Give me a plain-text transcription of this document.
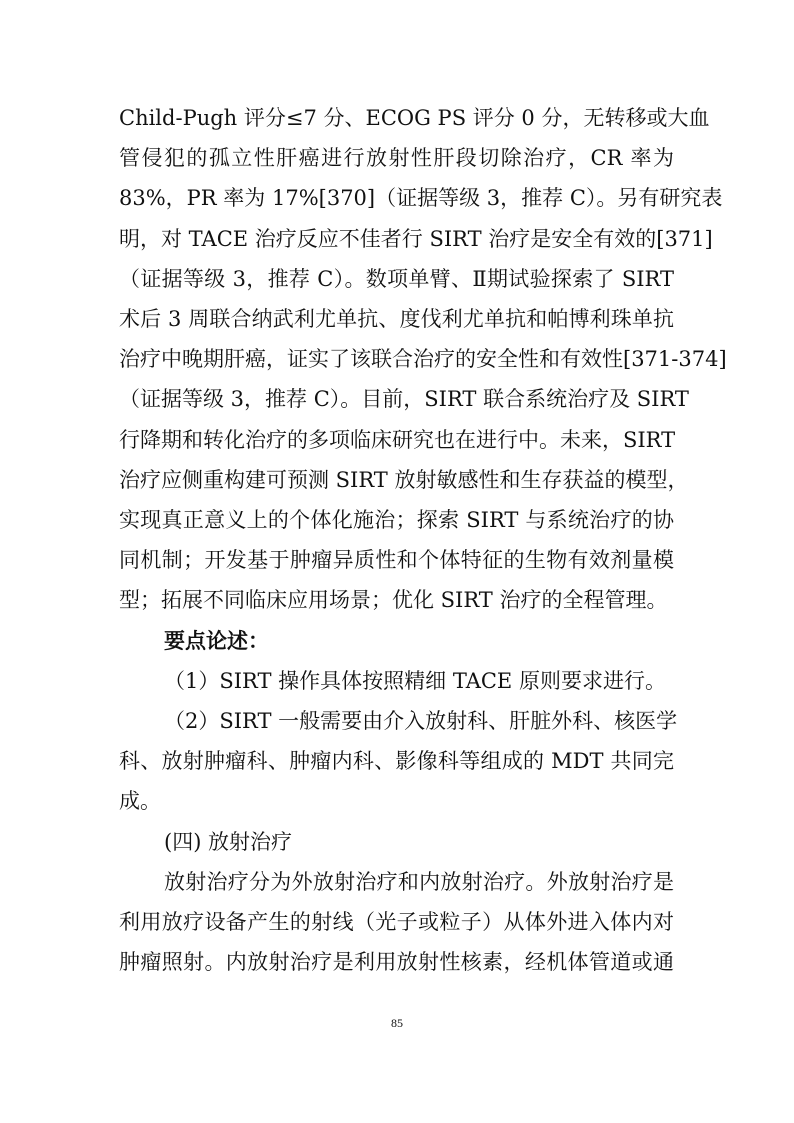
Child-Pugh 评分≤7 分、ECOG PS 评分 0 分，无转移或大血
管侵犯的孤立性肝癌进行放射性肝段切除治疗，CR 率为
83%，PR 率为 17%[370]（证据等级 3，推荐 C）。另有研究表
明，对 TACE 治疗反应不佳者行 SIRT 治疗是安全有效的[371]
（证据等级 3，推荐 C）。数项单臂、Ⅱ期试验探索了 SIRT
术后 3 周联合纳武利尤单抗、度伐利尤单抗和帕博利珠单抗
治疗中晚期肝癌，证实了该联合治疗的安全性和有效性[371-374]
（证据等级 3，推荐 C）。目前，SIRT 联合系统治疗及 SIRT
行降期和转化治疗的多项临床研究也在进行中。未来，SIRT
治疗应侧重构建可预测 SIRT 放射敏感性和生存获益的模型，
实现真正意义上的个体化施治；探索 SIRT 与系统治疗的协
同机制；开发基于肿瘤异质性和个体特征的生物有效剂量模
型；拓展不同临床应用场景；优化 SIRT 治疗的全程管理。
要点论述：
（1）SIRT 操作具体按照精细 TACE 原则要求进行。
（2）SIRT 一般需要由介入放射科、肝脏外科、核医学
科、放射肿瘤科、肿瘤内科、影像科等组成的 MDT 共同完
成。
(四) 放射治疗
放射治疗分为外放射治疗和内放射治疗。外放射治疗是
利用放疗设备产生的射线（光子或粒子）从体外进入体内对
肿瘤照射。内放射治疗是利用放射性核素，经机体管道或通
85
